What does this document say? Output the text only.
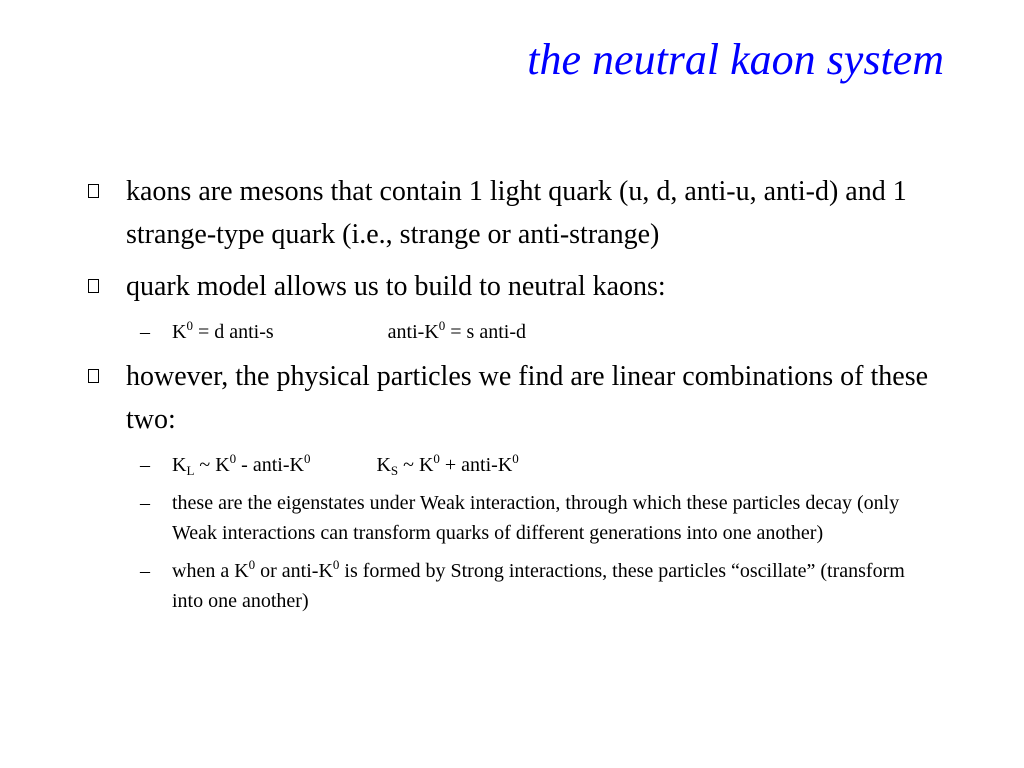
the neutral kaon system
kaons are mesons that contain 1 light quark (u, d, anti-u, anti-d) and 1 strange-type quark (i.e., strange or anti-strange)
quark model allows us to build to neutral kaons:
– $K^0 = d$ anti-s	anti-$K^0 = s$ anti-d
however, the physical particles we find are linear combinations of these two:
– $K_L$ ~ $K^0$ - anti-$K^0$	$K_S$ ~ $K^0$ + anti-$K^0$
– these are the eigenstates under Weak interaction, through which these particles decay (only Weak interactions can transform quarks of different generations into one another)
– when a $K^0$ or anti-$K^0$ is formed by Strong interactions, these particles “oscillate” (transform into one another)
